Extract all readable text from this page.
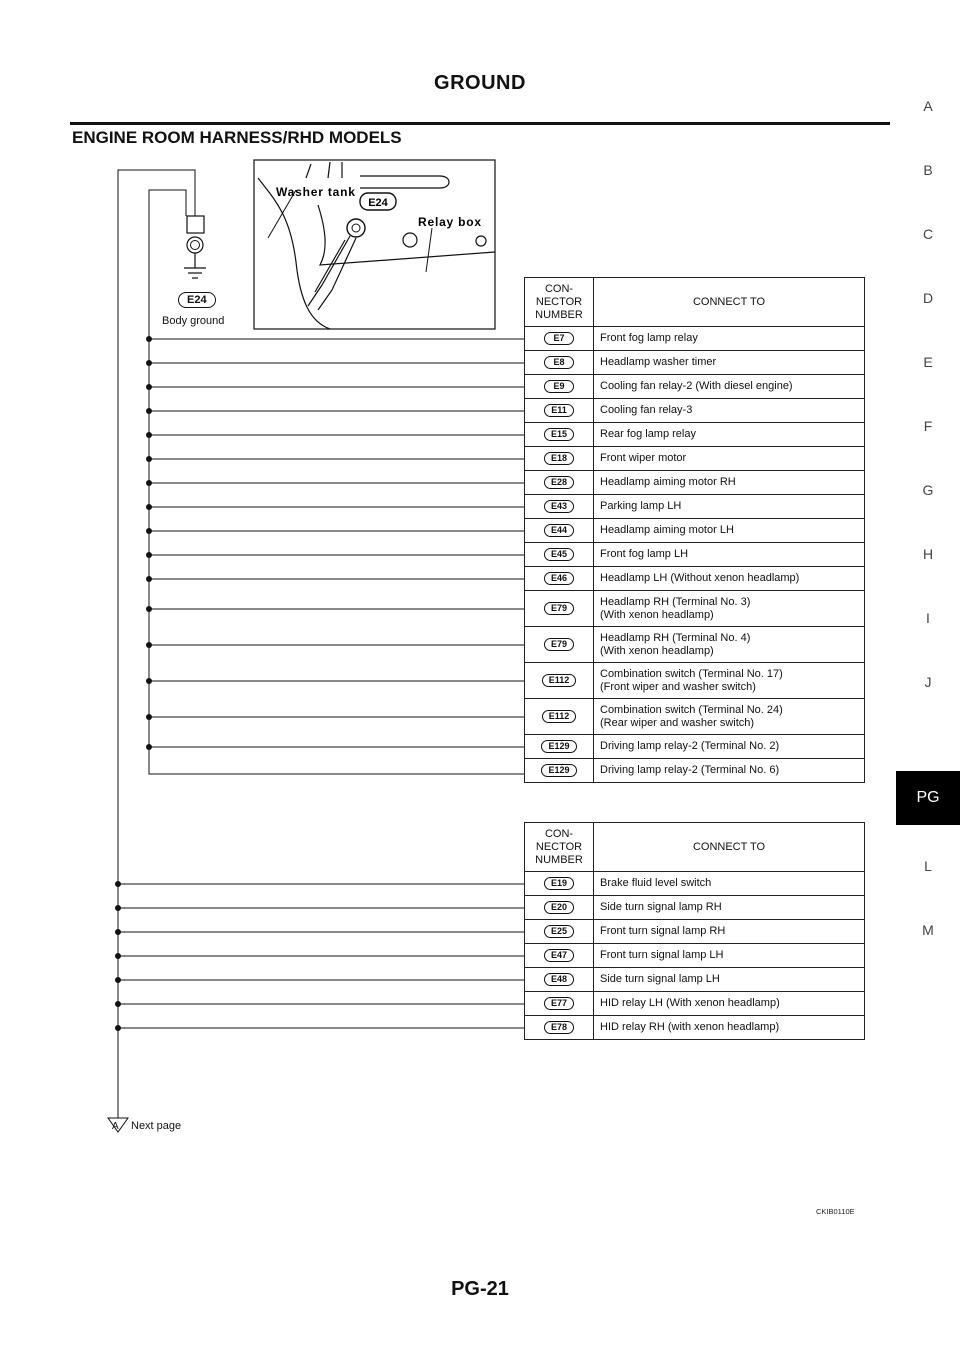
GROUND
ENGINE ROOM HARNESS/RHD MODELS
A
B
C
D
E
F
G
H
I
J
PG
L
M
Washer tank
E24
Relay box
E24
Body ground
A Next page
CON-
NECTOR
NUMBER	CONNECT TO
E7	Front fog lamp relay
E8	Headlamp washer timer
E9	Cooling fan relay-2 (With diesel engine)
E11	Cooling fan relay-3
E15	Rear fog lamp relay
E18	Front wiper motor
E28	Headlamp aiming motor RH
E43	Parking lamp LH
E44	Headlamp aiming motor LH
E45	Front fog lamp LH
E46	Headlamp LH (Without xenon headlamp)
E79	Headlamp RH (Terminal No. 3)
(With xenon headlamp)
E79	Headlamp RH (Terminal No. 4)
(With xenon headlamp)
E112	Combination switch (Terminal No. 17)
(Front wiper and washer switch)
E112	Combination switch (Terminal No. 24)
(Rear wiper and washer switch)
E129	Driving lamp relay-2 (Terminal No. 2)
E129	Driving lamp relay-2 (Terminal No. 6)
CON-
NECTOR
NUMBER	CONNECT TO
E19	Brake fluid level switch
E20	Side turn signal lamp RH
E25	Front turn signal lamp RH
E47	Front turn signal lamp LH
E48	Side turn signal lamp LH
E77	HID relay LH (With xenon headlamp)
E78	HID relay RH (with xenon headlamp)
CKIB0110E
PG-21
